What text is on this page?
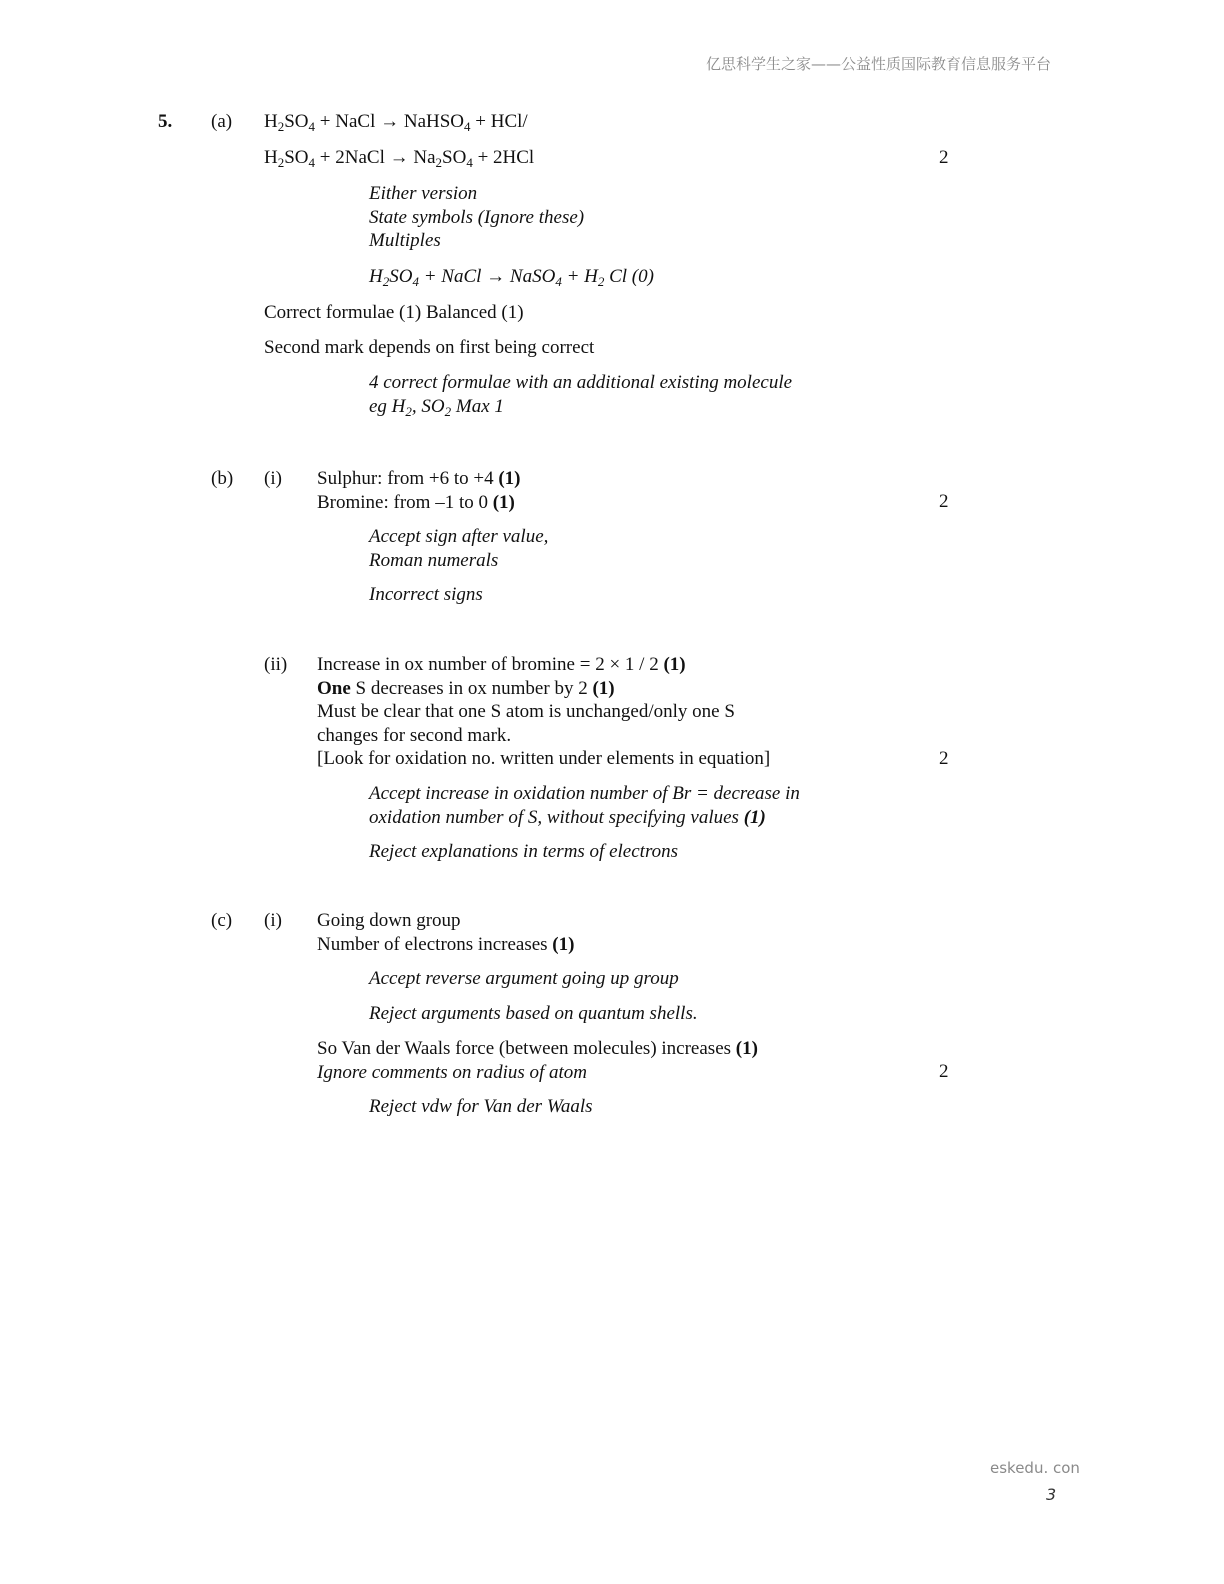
亿思科学生之家——公益性质国际教育信息服务平台
5. (a) $H_2SO_4$ + NaCl → NaHSO$_4$ + HCl/
$H_2SO_4$ + 2NaCl → $Na_2SO_4 + 2HCl$	2
Either version
State symbols (Ignore these)
Multiples
$H_2SO_4$ + NaCl → NaSO$_4$ + $H_2$ Cl (0)
Correct formulae (1) Balanced (1)
Second mark depends on first being correct
4 correct formulae with an additional existing molecule
eg $H_2$, $SO_2$ Max 1
(b) (i) Sulphur: from +6 to +4 (1)
Bromine: from –1 to 0 (1)	2
Accept sign after value,
Roman numerals
Incorrect signs
(ii) Increase in ox number of bromine = 2 × 1 / 2 (1)
One S decreases in ox number by 2 (1)
Must be clear that one S atom is unchanged/only one S
changes for second mark.
[Look for oxidation no. written under elements in equation]	2
Accept increase in oxidation number of Br = decrease in
oxidation number of S, without specifying values (1)
Reject explanations in terms of electrons
(c) (i) Going down group
Number of electrons increases (1)
Accept reverse argument going up group
Reject arguments based on quantum shells.
So Van der Waals force (between molecules) increases (1)
Ignore comments on radius of atom	2
Reject vdw for Van der Waals
eskedu. con
3
